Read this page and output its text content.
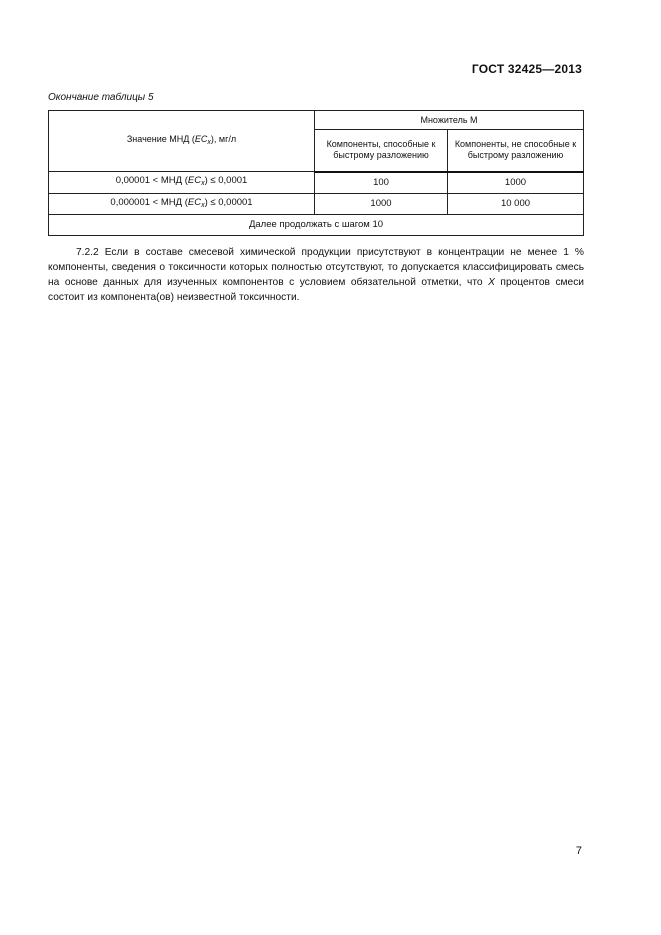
ГОСТ 32425—2013
Окончание таблицы 5
Значение МНД $(EC_x)$, мг/л	Множитель М	
	Компоненты, способные к быстрому разложению	Компоненты, не способные к быстрому разложению
0,00001 < МНД $(EC_x) \le 0,0001$	100	1000
0,000001 < МНД $(EC_x) \le 0,00001$	1000	10 000
Далее продолжать с шагом 10		
7.2.2 Если в составе смесевой химической продукции присутствуют в концентрации не менее 1 % компоненты, сведения о токсичности которых полностью отсутствуют, то допускается классифицировать смесь на основе данных для изученных компонентов с условием обязательной отметки, что X процентов смеси состоит из компонента(ов) неизвестной токсичности.
7
